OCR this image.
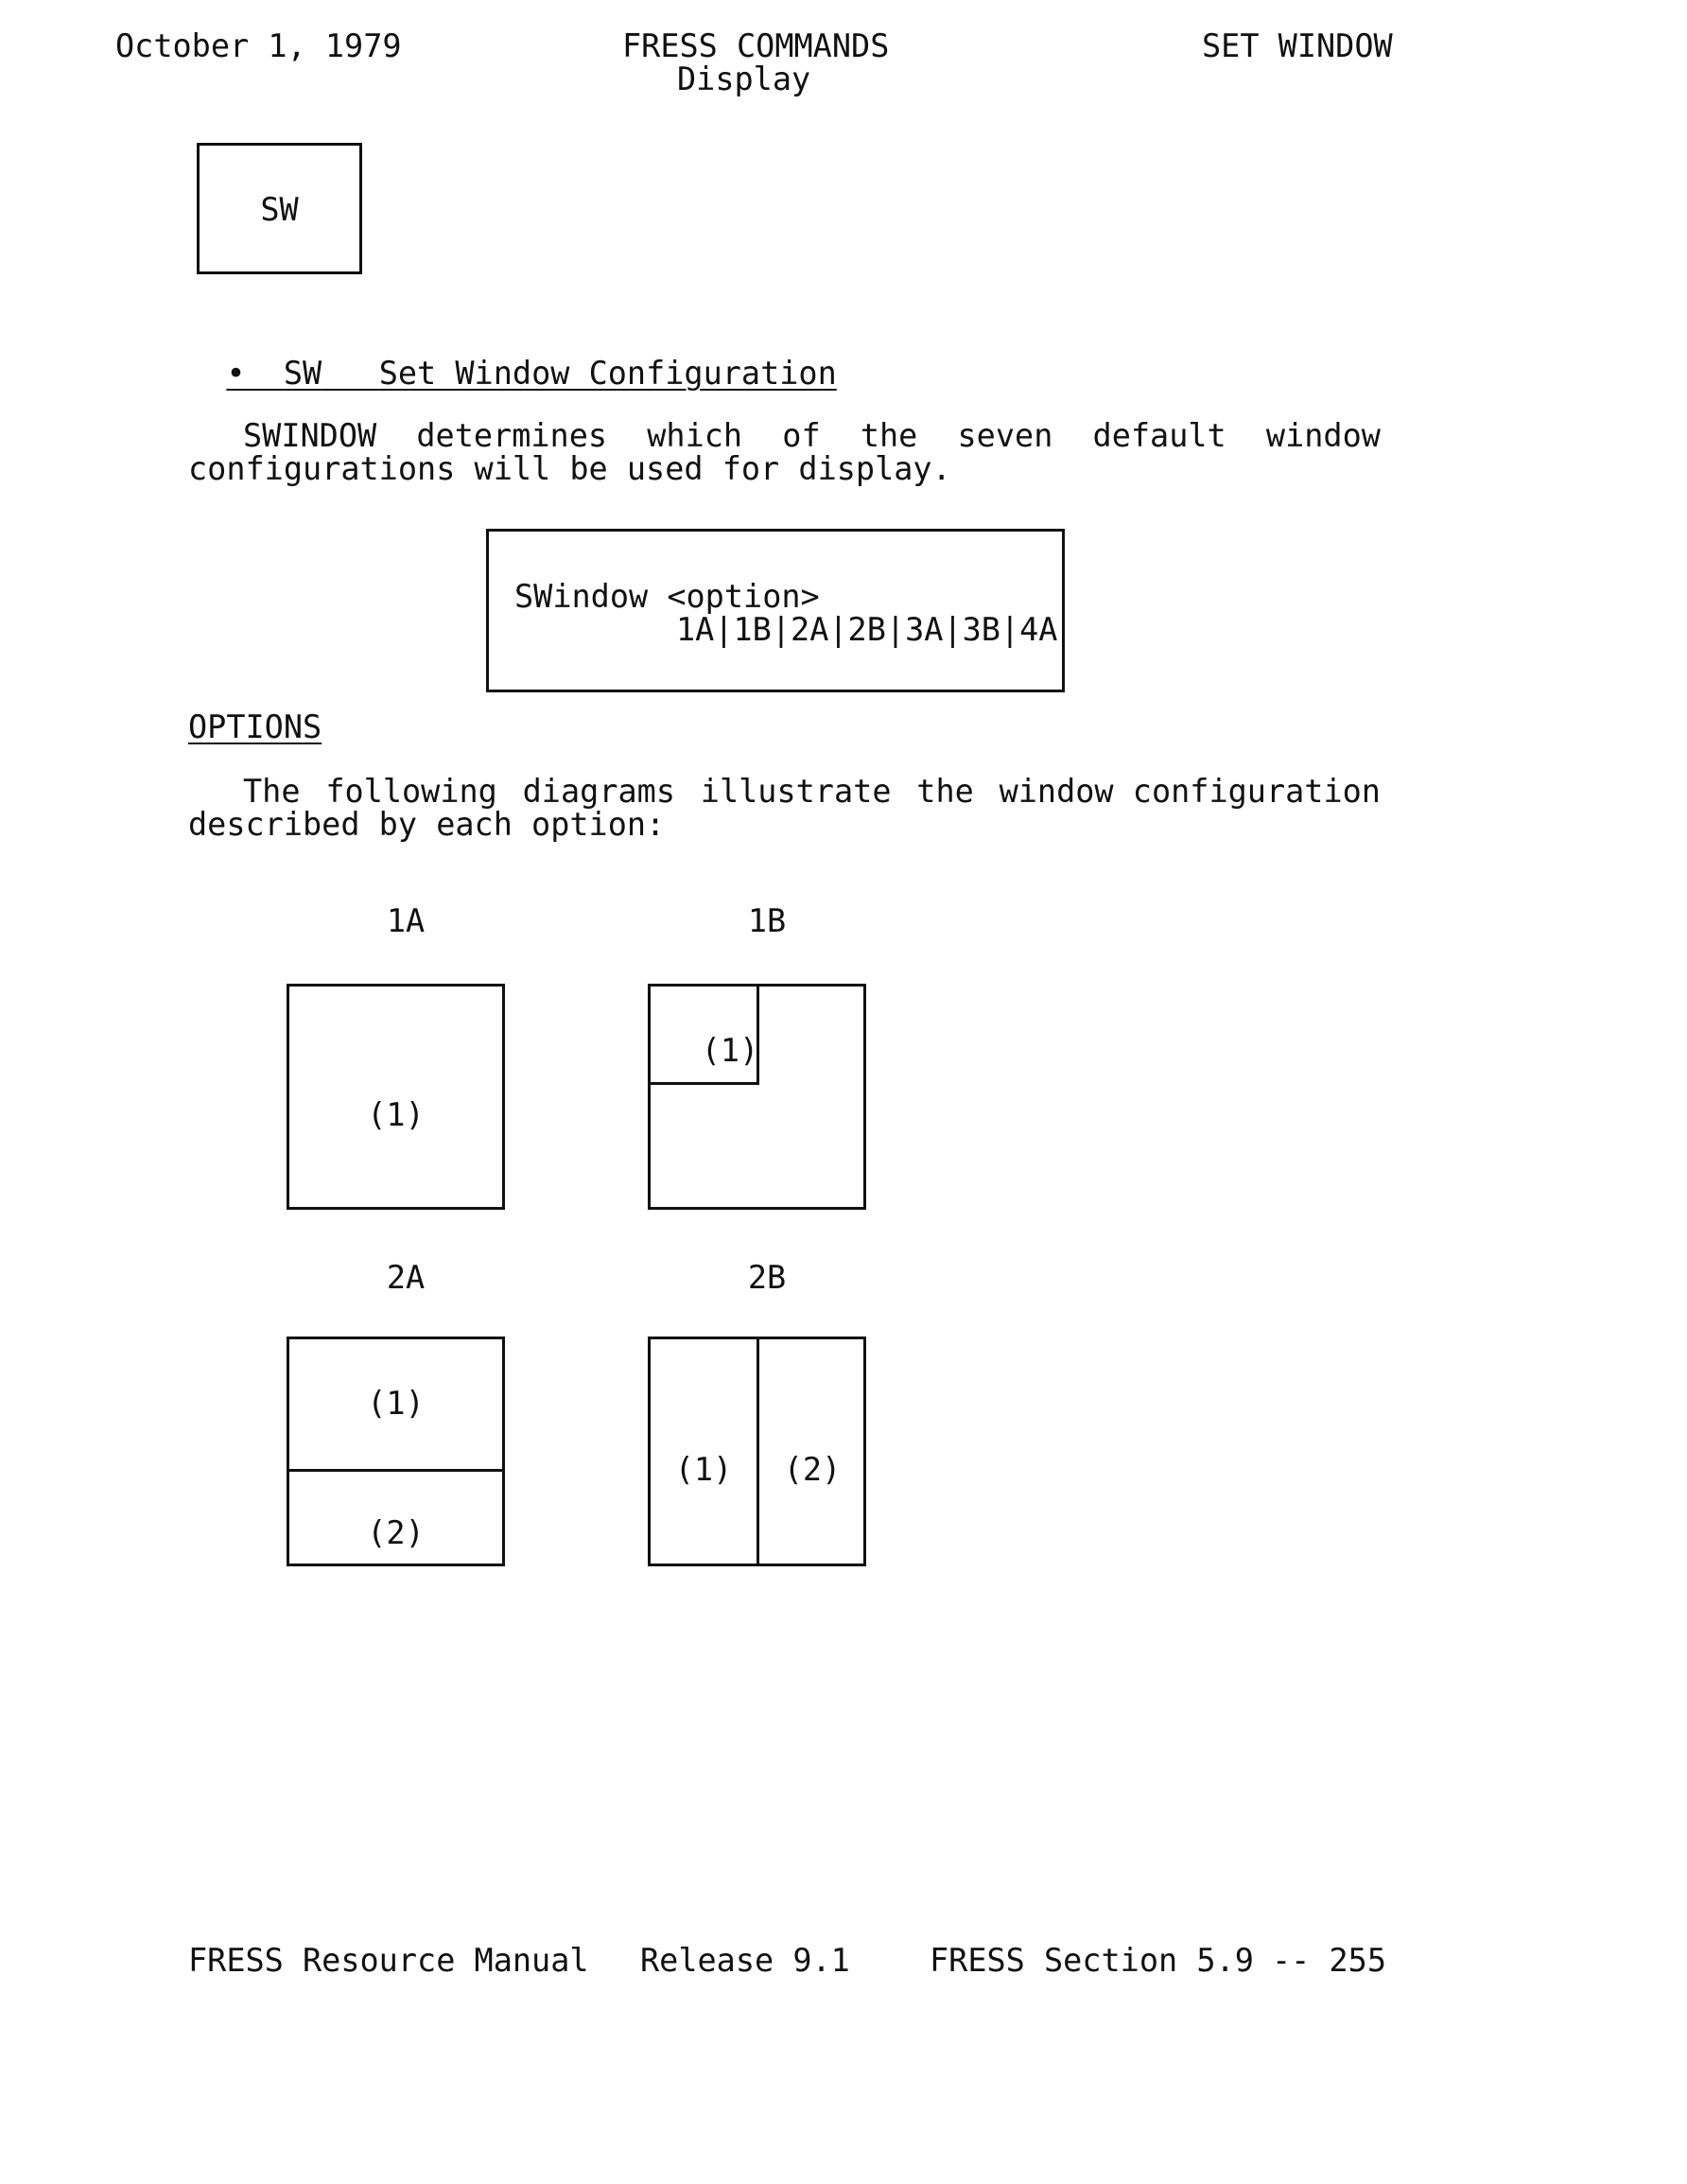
October 1, 1979	FRESS COMMANDS
Display
SET WINDOW
SW

• SW Set Window Configuration

SWINDOW determines which of the seven default window
configurations will be used for display.
SWindow <option>
1A|1B|2A|2B|3A|3B|4A
OPTIONS
The following diagrams illustrate the window configuration
described by each option:
1A
(1)
1B
(1)
2A
(1)
(2)
2B
(1)	(2)
FRESS Resource Manual Release 9.1	FRESS Section 5.9 -- 255
